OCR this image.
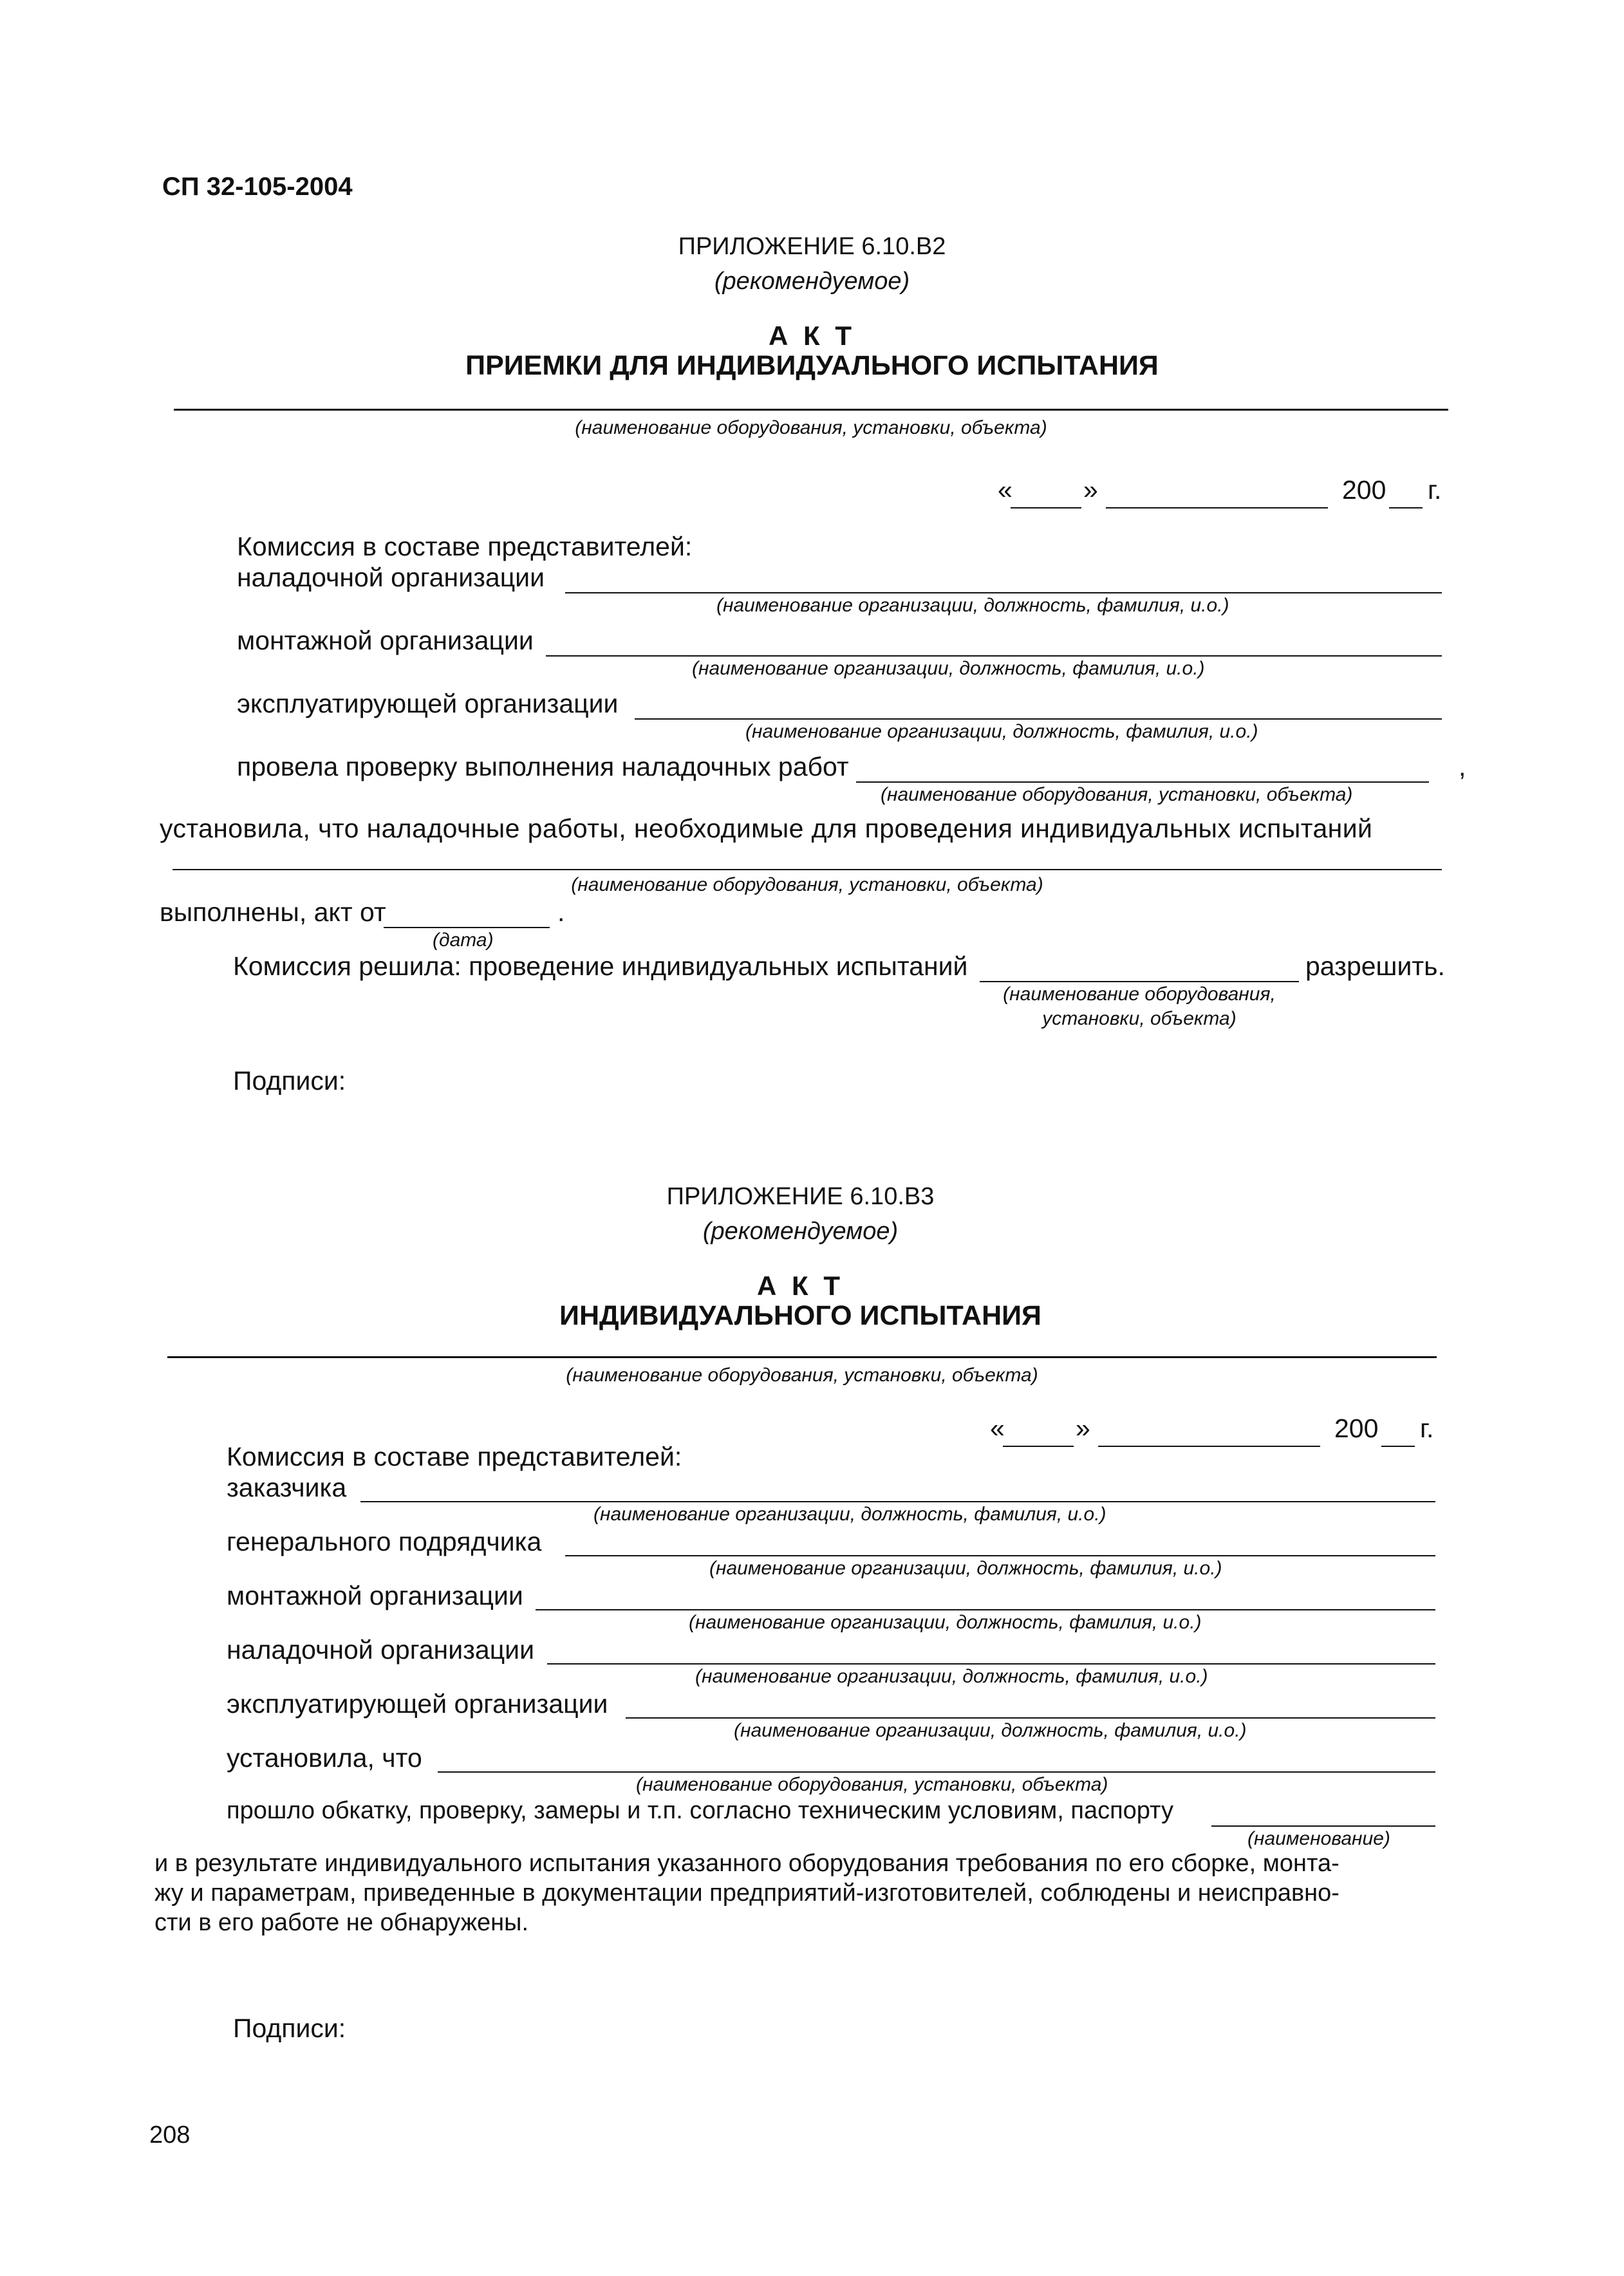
СП 32-105-2004
ПРИЛОЖЕНИЕ 6.10.В2
(рекомендуемое)
А К Т
ПРИЕМКИ ДЛЯ ИНДИВИДУАЛЬНОГО ИСПЫТАНИЯ
(наименование оборудования, установки, объекта)
«	»	200 г.
Комиссия в составе представителей:
наладочной организации
(наименование организации, должность, фамилия, и.о.)
монтажной организации
(наименование организации, должность, фамилия, и.о.)
эксплуатирующей организации
(наименование организации, должность, фамилия, и.о.)
провела проверку выполнения наладочных работ	,
(наименование оборудования, установки, объекта)
установила, что наладочные работы, необходимые для проведения индивидуальных испытаний
(наименование оборудования, установки, объекта)
выполнены, акт от	.
(дата)
Комиссия решила: проведение индивидуальных испытаний	разрешить.
(наименование оборудования,
установки, объекта)
Подписи:
ПРИЛОЖЕНИЕ 6.10.В3
(рекомендуемое)
А К Т
ИНДИВИДУАЛЬНОГО ИСПЫТАНИЯ
(наименование оборудования, установки, объекта)
«	»	200 г.
Комиссия в составе представителей:
заказчика
(наименование организации, должность, фамилия, и.о.)
генерального подрядчика
(наименование организации, должность, фамилия, и.о.)
монтажной организации
(наименование организации, должность, фамилия, и.о.)
наладочной организации
(наименование организации, должность, фамилия, и.о.)
эксплуатирующей организации
(наименование организации, должность, фамилия, и.о.)
установила, что
(наименование оборудования, установки, объекта)
прошло обкатку, проверку, замеры и т.п. согласно техническим условиям, паспорту
(наименование)
и в результате индивидуального испытания указанного оборудования требования по его сборке, монта-
жу и параметрам, приведенные в документации предприятий-изготовителей, соблюдены и неисправно-
сти в его работе не обнаружены.
Подписи:
208
